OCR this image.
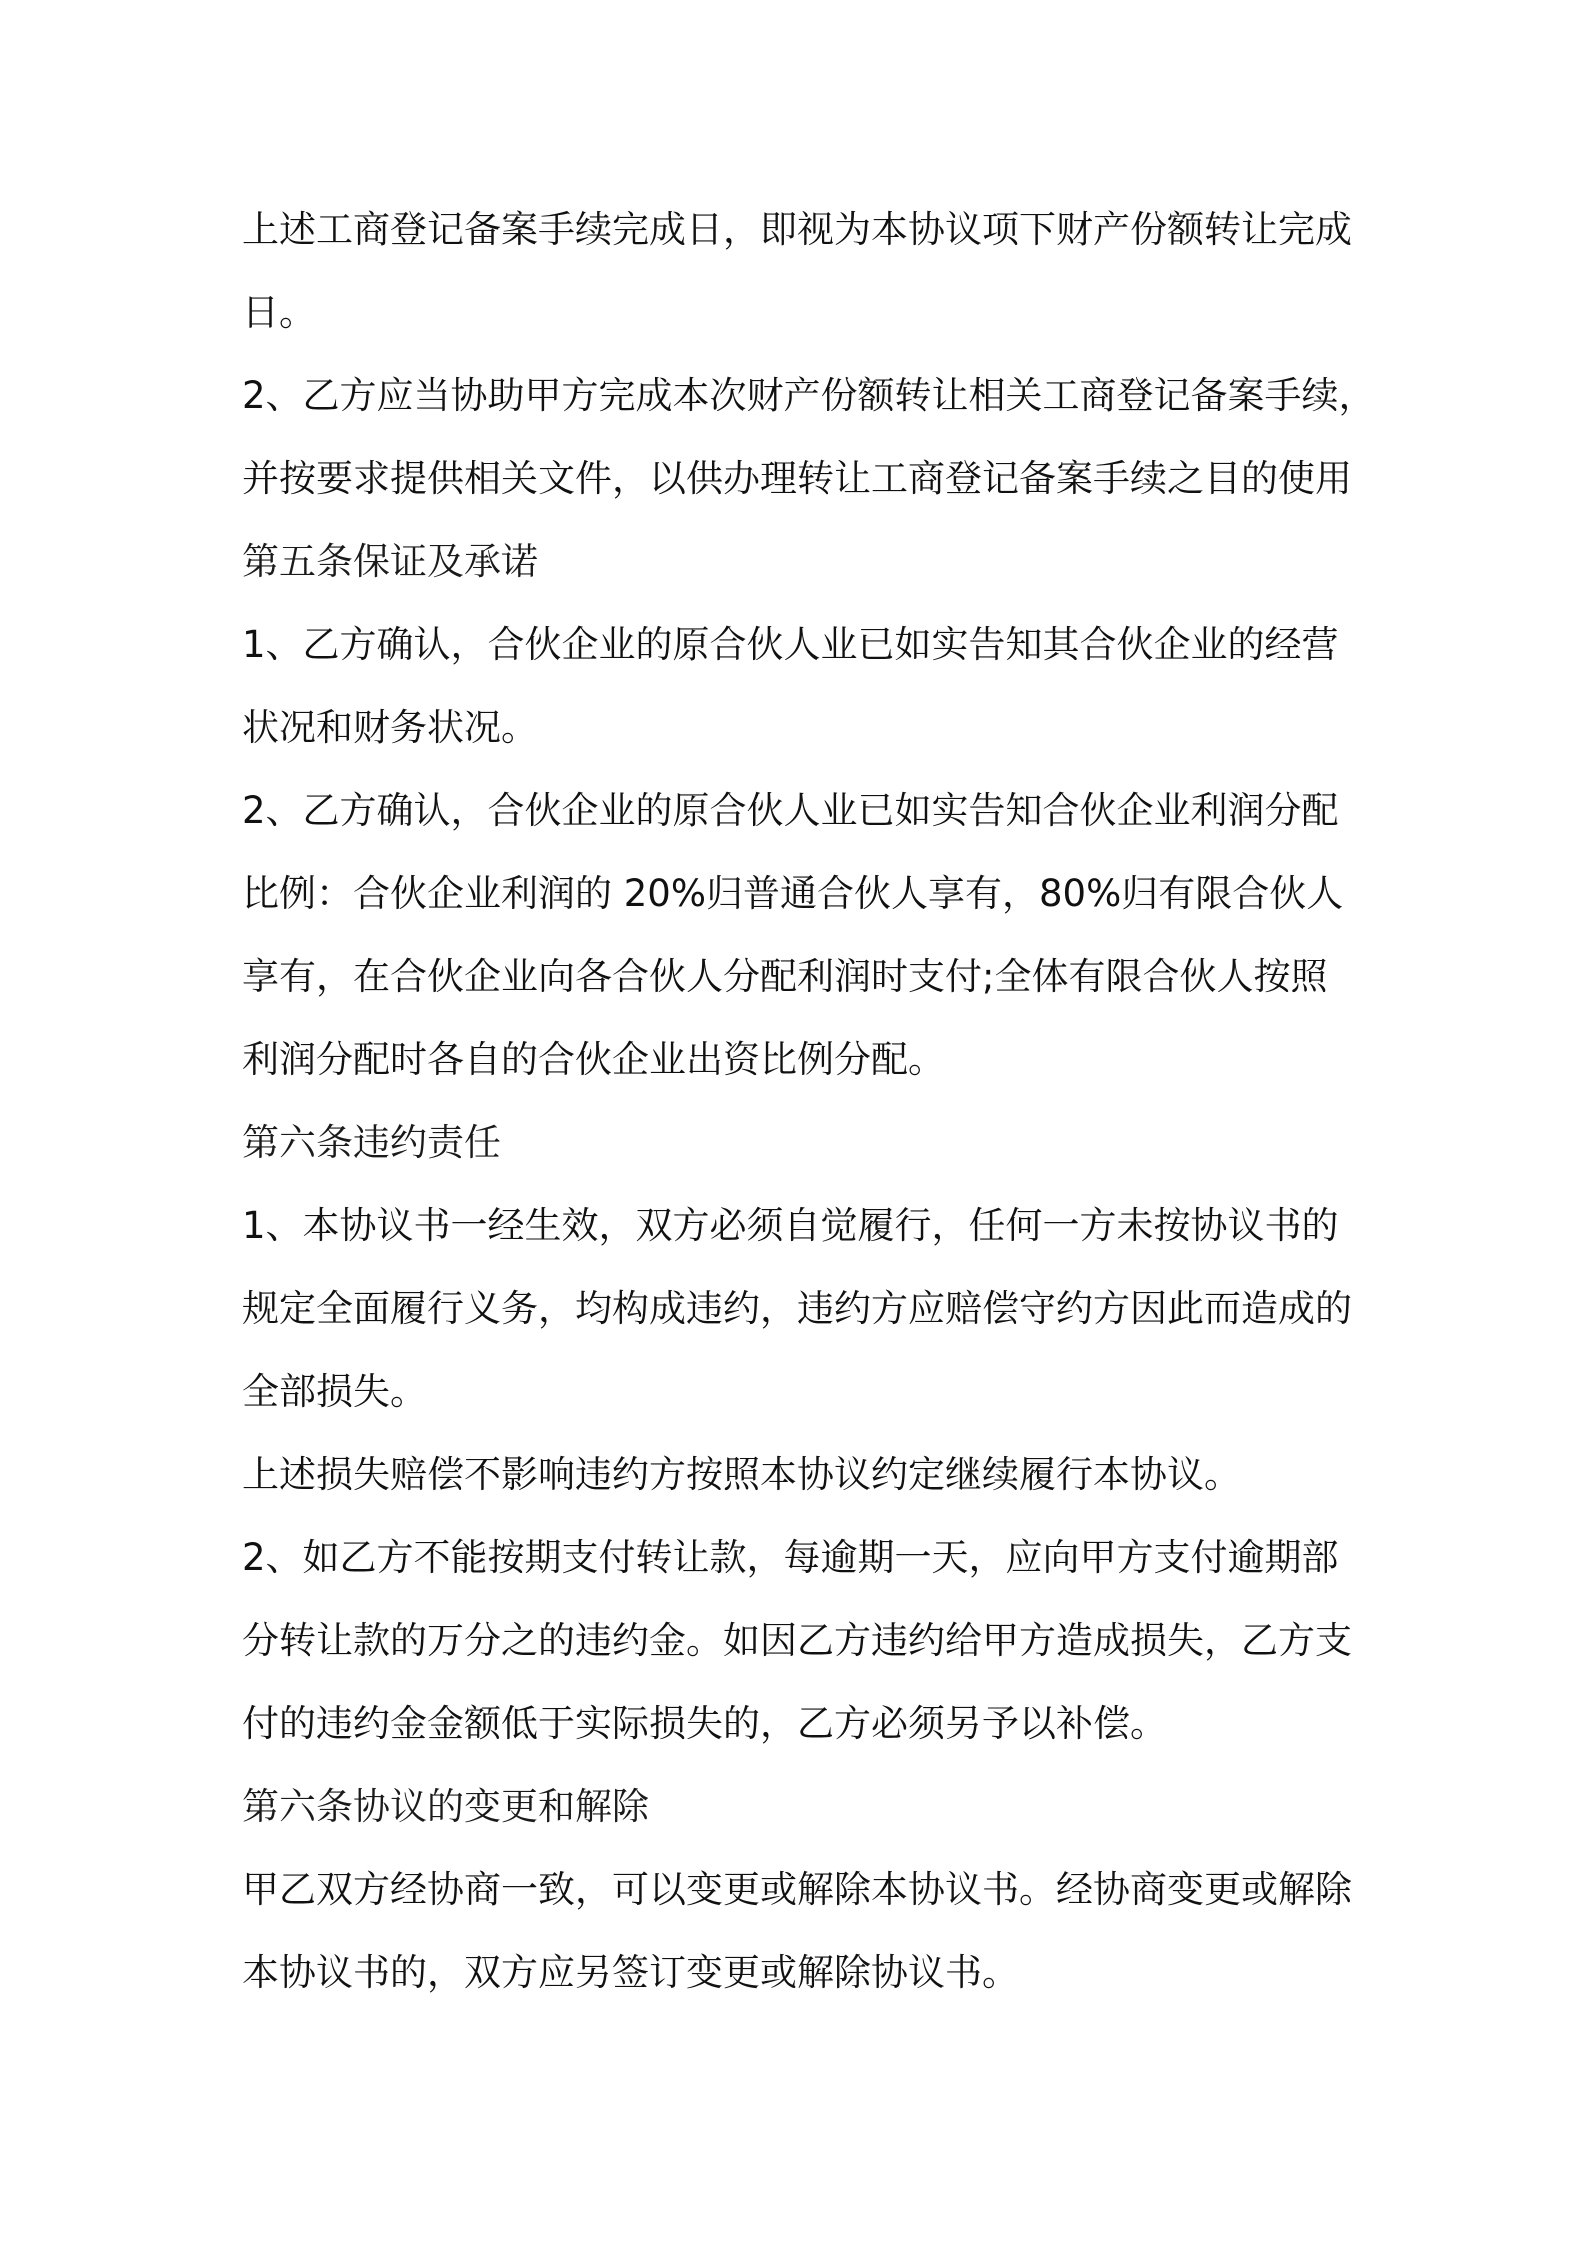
上述工商登记备案手续完成日，即视为本协议项下财产份额转让完成

日。

2、乙方应当协助甲方完成本次财产份额转让相关工商登记备案手续，

并按要求提供相关文件，以供办理转让工商登记备案手续之目的使用

第五条保证及承诺

1、乙方确认，合伙企业的原合伙人业已如实告知其合伙企业的经营

状况和财务状况。

2、乙方确认，合伙企业的原合伙人业已如实告知合伙企业利润分配

比例：合伙企业利润的 20%归普通合伙人享有，80%归有限合伙人

享有，在合伙企业向各合伙人分配利润时支付;全体有限合伙人按照

利润分配时各自的合伙企业出资比例分配。

第六条违约责任

1、本协议书一经生效，双方必须自觉履行，任何一方未按协议书的

规定全面履行义务，均构成违约，违约方应赔偿守约方因此而造成的

全部损失。

上述损失赔偿不影响违约方按照本协议约定继续履行本协议。

2、如乙方不能按期支付转让款，每逾期一天，应向甲方支付逾期部

分转让款的万分之的违约金。如因乙方违约给甲方造成损失，乙方支

付的违约金金额低于实际损失的，乙方必须另予以补偿。

第六条协议的变更和解除

甲乙双方经协商一致，可以变更或解除本协议书。经协商变更或解除

本协议书的，双方应另签订变更或解除协议书。
